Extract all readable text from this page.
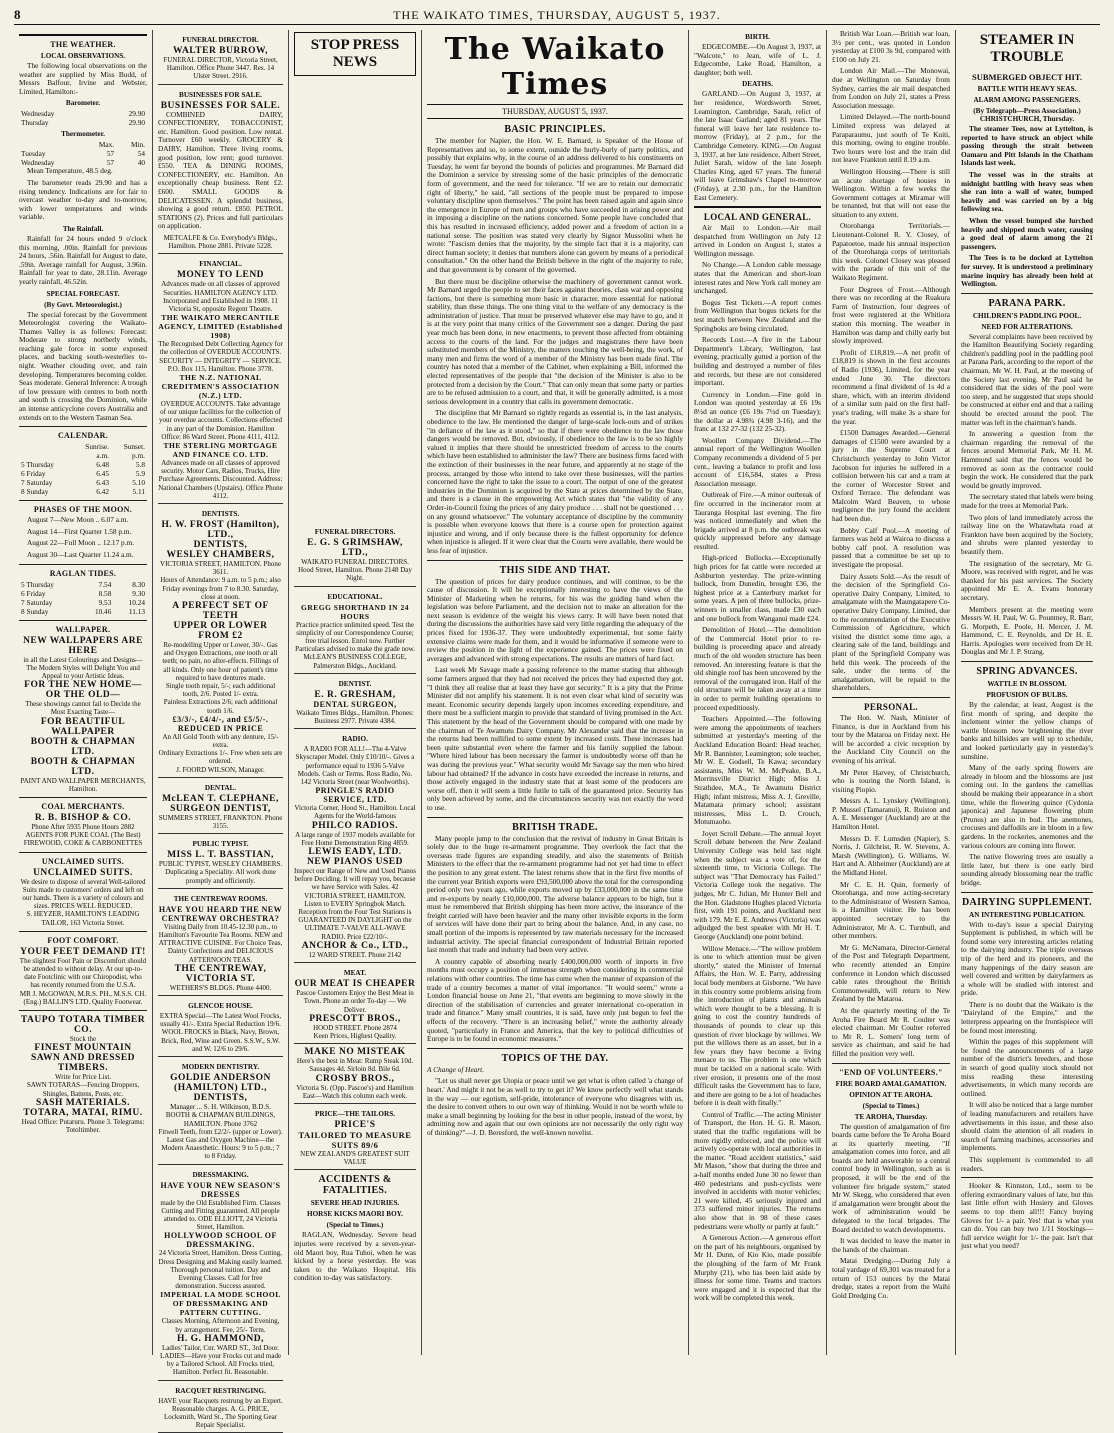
8	THE WAIKATO TIMES, THURSDAY, AUGUST 5, 1937.
THE WEATHER.
LOCAL OBSERVATIONS.

The following local observations on the weather are supplied by Miss Budd, of Messrs Balfour, Irvine and Webster, Limited, Hamilton:-

Barometer.
Wednesday	29.90
Thursday	29.90
Thermometer.
	Max.	Min.
Tuesday	57	54
Wednesday	57	40

Mean Temperature, 48.5 deg.

The barometer reads 29.90 and has a rising tendency. Indications are for fair to overcast weather to-day and to-morrow, with lower temperatures and winds variable.

The Rainfall.

Rainfall for 24 hours ended 9 o'clock this morning, .00in. Rainfall for previous 24 hours, .56in. Rainfall for August to date, .59in. Average rainfall for August, 3.96in. Rainfall for year to date, 28.11in. Average yearly rainfall, 46.52in.

SPECIAL FORECAST.
(By Govt. Meteorologist.)

The special forecast by the Government Meteorologist covering the Waikato-Thames Valley is as follows: Forecast: Moderate to strong northerly winds, reaching gale force in some exposed places, and backing south-westerlies to-night. Weather clouding over, and rain developing. Temperatures becoming colder. Seas moderate. General Inference: A trough of low pressure with centres to both north and south is crossing the Dominion, while an intense anticyclone covers Australia and extends on to the Western Tasman Sea.

CALENDAR.
	Sunrise.	Sunset.
	a.m.	p.m.
5 Thursday	6.48	5.8
6 Friday	6.45	5.9
7 Saturday	6.43	5.10
8 Sunday	6.42	5.11
PHASES OF THE MOON.

August 7—New Moon .. 6.07 a.m.

August 14—First Quarter 1.58 p.m.

August 22—Full Moon .. 12.17 p.m.

August 30—Last Quarter 11.24 a.m.

RAGLAN TIDES.
5 Thursday	7.54	8.30
6 Friday	8.58	9.30
7 Saturday	9.53	10.24
8 Sunday	10.46	11.13
WALLPAPER.
NEW WALLPAPERS ARE HERE
in all the Latest Colourings and Designs—The Modern Styles will Delight You and Appeal to your Artistic Ideas.
FOR THE NEW HOME— OR THE OLD—
These showings cannot fail to Decide the Most Exacting Taste—
FOR BEAUTIFUL WALLPAPER
BOOTH & CHAPMAN LTD.
BOOTH & CHAPMAN LTD.
PAINT AND WALLPAPER MERCHANTS, Hamilton.
COAL MERCHANTS.
R. B. BISHOP & CO.
Phone After 5935 Phone Hours 2882 AGENTS FOR PUKE COAL (The Best) FIREWOOD, COKE & CARBONETTES
UNCLAIMED SUITS.
UNCLAIMED SUITS.
We desire to dispose of several Well-tailored Suits made to customers' orders and left on our hands. There is a variety of colours and sizes. PRICES WELL REDUCED.
S. HEYZER, HAMILTON'S LEADING TAILOR, 163 Victoria Street.
FOOT COMFORT.
YOUR FEET DEMAND IT!
The slightest Foot Pain or Discomfort should be attended to without delay. At our up-to-date Footclinic with our Chiropodist, who has recently returned from the U.S.A.
MR J. McGOWAN, M.R.S. PH., M.S.S. CH. (Eng.) BALLIN'S LTD. Quality Footwear.
TAUPO TOTARA TIMBER CO.
Stock the
FINEST MOUNTAIN SAWN AND DRESSED TIMBERS.
Write for Price List.
SAWN TOTARAS—Fencing Droppers, Shingles, Battens, Posts, etc.
SASH MATERIALS. TOTARA, MATAI, RIMU.
Head Office: Putaruru. Phone 3. Telegrams: Totoltimber.
FUNERAL DIRECTOR.
WALTER BURROW,
FUNERAL DIRECTOR, Victoria Street, Hamilton. Office Phone 3447. Res. 14 Ulster Street. 2916.
BUSINESSES FOR SALE.
BUSINESSES FOR SALE.

COMBINED DAIRY, CONFECTIONERY, TOBACCONIST, etc. Hamilton. Good position. Low rental. Turnover £60 weekly. GROCERY & DAIRY, Hamilton. Three living rooms, good position, low rent; good turnover. £550. TEA & DINING ROOMS, CONFECTIONERY, etc. Hamilton. An exceptionally cheap business. Rent £2. £600. SMALL GOODS & DELICATESSEN. A splendid business, showing a good return. £850. PETROL STATIONS (2). Prices and full particulars on application.

METCALFE & Co. Everybody's Bldgs., Hamilton. Phone 2881. Private 5228.
FINANCIAL.
MONEY TO LEND
Advances made on all classes of approved Securities. HAMILTON AGENCY LTD. Incorporated and Established in 1908. 11 Victoria St, opposite Regent Theatre.
THE WAIKATO MERCANTILE AGENCY, LIMITED (Established 1908)
The Recognised Debt Collecting Agency for the collection of OVERDUE ACCOUNTS. SECURITY — INTEGRITY — SERVICE. P.O. Box 115, Hamilton. Phone 3778.
THE N.Z. NATIONAL CREDITMEN'S ASSOCIATION (N.Z.) LTD.
OVERDUE ACCOUNTS. Take advantage of our unique facilities for the collection of your overdue accounts. Collections effected in any part of the Dominion. Hamilton Office: 86 Ward Street. Phone 4111, 4112.
THE STERLING MORTGAGE AND FINANCE CO. LTD.
Advances made on all classes of approved security. Motor Cars, Radios, Trucks, Hire Purchase Agreements. Discounted. Address: National Chambers (Upstairs). Office Phone 4112.
DENTISTS.
H. W. FROST (Hamilton), LTD.,
DENTISTS,
WESLEY CHAMBERS,
VICTORIA STREET, HAMILTON. Phone 3611.
Hours of Attendance: 9 a.m. to 5 p.m.; also Friday evenings from 7 to 8.30. Saturday, close at noon.
A PERFECT SET OF TEETH
UPPER OR LOWER FROM £2
Re-modelling Upper or Lower, 30/-. Gas and Oxygen Extractions, one tooth or all teeth; no pain, no after-effects. Fillings of all kinds. Only one hour of patient's time required to have dentures made.
Single tooth repair, 5/-; each additional tooth, 2/6. Posted 1/- extra.
Painless Extractions 2/6; each additional tooth 1/6.
£3/3/-, £4/4/-, and £5/5/-. REDUCED IN PRICE
An All Gold Tooth with any denture, 15/- extra.
Ordinary Extractions 1/-. Free when sets are ordered.
J. FOORD WILSON, Manager.
DENTAL.
McLEAN T. CLEPHANE,
SURGEON DENTIST,
SUMMERS STREET, FRANKTON. Phone 3155.
PUBLIC TYPIST.
MISS L. T. BASSTIAN,
PUBLIC TYPIST, WESLEY CHAMBERS. Duplicating a Speciality. All work done promptly and efficiently.
THE CENTREWAY ROOMS.
HAVE YOU HEARD THE NEW CENTREWAY ORCHESTRA?
Visiting Daily from 10.45-12.30 p.m., to Hamilton's Favourite Tea Rooms. NEW and ATTRACTIVE CUISINE. For Choice Teas, Dainty Confections and DELICIOUS AFTERNOON TEAS.
THE CENTREWAY, VICTORIA ST.
WETHERS'S BLDGS. Phone 4400.
GLENCOE HOUSE.
EXTRA Special—The Latest Wool Frocks, usually 41/-. Extra Special Reduction 19/6. WOOL FROCKS in Black, Navy, Brown, Brick, Red, Wine and Green. S.S.W., S.W. and W. 12/6 to 29/6.
MODERN DENTISTRY.
GOLDIE ANDERSON (HAMILTON) LTD.,
DENTISTS,
Manager ... S. H. Wilkinson, B.D.S.
BOOTH & CHAPMAN BUILDINGS, HAMILTON. Phone 3762
Fitwell Teeth, from £2/2/- (upper or Lower). Latest Gas and Oxygen Machine—the Modern Anaesthetic. Hours: 9 to 5 p.m.; 7 to 8 Friday.
DRESSMAKING.
HAVE YOUR NEW SEASON'S DRESSES
made by the Old Established Firm. Classes Cutting and Fitting guaranteed. All people attended to. ODE ELLIOTT, 24 Victoria Street, Hamilton.
HOLLYWOOD SCHOOL OF DRESSMAKING.
24 Victoria Street, Hamilton. Dress Cutting, Dress Designing and Making easily learned. Thorough personal tuition. Day and Evening Classes. Call for free demonstration. Success assured.
IMPERIAL LA MODE SCHOOL OF DRESSMAKING AND PATTERN CUTTING.
Classes Morning, Afternoon and Evening, by arrangement. Fee, 25/- Term.
H. G. HAMMOND,
Ladies' Tailor, Cnr. WARD ST., 3rd Door.
LADIES—Have your Frocks cut and made by a Tailored School. All Frocks tried, Hamilton. Perfect fit. Reasonable.
RACQUET RESTRINGING.
HAVE your Racquets restrung by an Expert. Reasonable charges. A. G. PRICE, Locksmith, Ward St., The Sporting Gear Repair Specialist.
STOP PRESS NEWS
FUNERAL DIRECTORS.
E. G. S GRIMSHAW, LTD.,
WAIKATO FUNERAL DIRECTORS. Hood Street, Hamilton. Phone 2148 Day Night.
EDUCATIONAL.
GREGG SHORTHAND IN 24 HOURS
Practice practice unlimited speed. Test the simplicity of our Correspondence Course; free trial lesson. Enrol now. Further Particulars advised to make the grade now. McLEAN'S BUSINESS COLLEGE, Palmerston Bldgs., Auckland.
DENTIST.
E. R. GRESHAM,
DENTAL SURGEON,
Waikato Times Bldgs., Hamilton. Phones: Business 2977. Private 4384.
RADIO.
A RADIO FOR ALL!—The 4-Valve Skyscraper Model. Only £10/10/-. Gives a performance equal to 1936 5-Valve Models. Cash or Terms. Ross Radio, No. 142 Victoria Street (near Woolworths).
PRINGLE'S RADIO SERVICE, LTD.
Victoria Corner, Hood St., Hamilton. Local Agents for the World-famous
PHILCO RADIOS.
A large range of 1937 models available for Free Home Demonstration Ring 4859.
LEWIS EADY, LTD.
NEW PIANOS USED
Inspect our Range of New and Used Pianos before Deciding. It will repay you, because we have Service with Sales. 42 VICTORIA STREET, HAMILTON.
Listen to EVERY Springbok Match.
Reception from the Four Test Stations is GUARANTEED IN DAYLIGHT on the ULTIMATE 7-VALVE ALL-WAVE RADIO. Price £22/10/-.
ANCHOR & Co., LTD.,
12 WARD STREET. Phone 2142
MEAT.
OUR MEAT IS CHEAPER
Pascoe Customers Enjoy the Best Meat in Town. Phone an order To-day — We Deliver.
PRESCOTT BROS.,
HOOD STREET. Phone 2874
Keen Prices, Highest Quality.
MAKE NO MISTEAK
Here's the best in Meat: Rump Steak 10d. Sausages 4d. Sirloin 8d. Bile 6d.
CROSBY BROS.,
Victoria St. (Opp. Pascoe's) and Hamilton East—Watch this column each week.
PRICE—THE TAILORS.
PRICE'S
TAILORED TO MEASURE SUITS 89/6
NEW ZEALAND'S GREATEST SUIT VALUE
ACCIDENTS & FATALITIES.
SEVERE HEAD INJURIES.
HORSE KICKS MAORI BOY.
(Special to Times.)

RAGLAN, Wednesday. Severe head injuries were received by a seven-year-old Maori boy, Rua Tuhoi, when he was kicked by a horse yesterday. He was taken to the Waikato Hospital. His condition to-day was satisfactory.

The Waikato Times
THURSDAY, AUGUST 5, 1937.
BASIC PRINCIPLES.

The member for Napier, the Hon. W. E. Barnard, is Speaker of the House of Representatives and so, to some extent, outside the hurly-burly of party politics, and possibly that explains why, in the course of an address delivered to his constituents on Tuesday, he went far beyond the bounds of policies and programmes. Mr Barnard did the Dominion a service by stressing some of the basic principles of the democratic form of government, and the need for tolerance. "If we are to retain our democratic right of liberty," he said, "all sections of the people must be prepared to impose voluntary discipline upon themselves." The point has been raised again and again since the emergence in Europe of men and groups who have succeeded in arising power and in imposing a discipline on the nations concerned. Some people have concluded that this has resulted in increased efficiency, added power and a freedom of action in a national sense. The position was stated very clearly by Signor Mussolini when he wrote: "Fascism denies that the majority, by the simple fact that it is a majority, can direct human society; it denies that numbers alone can govern by means of a periodical consultation." On the other hand the British believe in the right of the majority to rule, and that government is by consent of the governed.

But there must be discipline otherwise the machinery of government cannot work. Mr Barnard urged the people to set their faces against theories, class war and opposing factions, but there is something more basic in character, more essential for national stability, than these things. The one thing vital to the welfare of any democracy is the administration of justice. That must be preserved whatever else may have to go, and it is at the very point that many critics of the Government see a danger. During the past year much has been done, in new enactments, to prevent those affected from obtaining access to the courts of the land. For the judges and magistrates there have been substituted members of the Ministry, the matters touching the well-being, the work, of many men and firms the word of a member of the Ministry has been made final. The country has noted that a member of the Cabinet, when explaining a Bill, informed the elected representatives of the people that "the decision of the Minister is also to be protected from a decision by the Court." That can only mean that some party or parties are to be refused admission to a court, and that, it will be generally admitted, is a most serious development in a country that calls its government democratic.

The discipline that Mr Barnard so rightly regards as essential is, in the last analysis, obedience to the law. He mentioned the danger of large-scale lock-outs and of strikes "in defiance of the law as it stood," so that if there were obedience to the law those dangers would be removed. But, obviously, if obedience to the law is to be so highly valued it implies that there should be unrestricted freedom of access to the courts which have been established to administer the law? There are business firms faced with the extinction of their businesses in the near future, and apparently at no stage of the process, arranged by those who intend to take over these businesses, will the parties concerned have the right to take the issue to a court. The output of one of the greatest industries in the Dominion is acquired by the State at prices determined by the State, and there is a clause in the empowering Act which states that "the validity of any Order-in-Council fixing the prices of any dairy produce . . . shall not be questioned . . . on any ground whatsoever." The voluntary acceptance of discipline by the community is possible when everyone knows that there is a course open for protection against injustice and wrong, and if only because there is the fullest opportunity for defence when injustice is alleged. If it were clear that the Courts were available, there would be less fear of injustice.

THIS SIDE AND THAT.

The question of prices for dairy produce continues, and will continue, to be the cause of discussion. It will be exceptionally interesting to have the views of the Minister of Marketing when he returns, for his was the guiding hand when the legislation was before Parliament, and the decision not to make an alteration for the next season is evidence of the weight his views carry. It will have been noted that during the discussions the authorities have said very little regarding the adequacy of the prices fixed for 1936-37. They were undoubtedly experimental, but some fairly extensive claims were made for them, and it would be informative if someone were to review the position in the light of the experience gained. The prices were fixed on averages and advanced with strong expectations. The results are matters of hard fact.

Last week Mr Savage made a passing reference to the matter stating that although some farmers argued that they had not received the prices they had expected they got, "I think they all realise that at least they have got security." It is a pity that the Prime Minister did not amplify his statement. It is not even clear what kind of security was meant. Economic security depends largely upon incomes exceeding expenditure, and there must be a sufficient margin to provide that standard of living promised in the Act. This statement by the head of the Government should be compared with one made by the chairman of Te Awamutu Dairy Company. Mr Alexander said that the increase in the returns had been nullified to some extent by increased costs. These increases had been quite substantial even where the farmer and his family supplied the labour. "Where hired labour has been necessary the farmer is undoubtedly worse off than he was during the previous year." What security would Mr Savage say the men who hired labour had obtained? If the advance in costs have exceeded the increase in returns, and those actively engaged in the industry state that at least some of the producers are worse off, then it will seem a little futile to talk of the guaranteed price. Security has only been achieved by some, and the circumstances security was not exactly the word to use.

BRITISH TRADE.

Many people jump to the conclusion that the revival of industry in Great Britain is solely due to the huge re-armament programme. They overlook the fact that the overseas trade figures are expanding steadily, and also the statements of British Ministers to the effect that the re-armament programme had not yet had time to effect the position to any great extent. The latest returns show that in the first five months of the current year British exports were £93,500,000 above the total for the corresponding period only two years ago, while exports moved up by £33,000,000 in the same time and re-exports by nearly £10,000,000. The adverse balance appears to be high, but it must be remembered that British shipping has been more active, the insurance of the freight carried will have been heavier and the many other invisible exports in the form of services will have done their part to bring about the balance. And, in any case, no small portion of the imports is represented by raw materials necessary for the increased industrial activity. The special financial correspondent of Industrial Britain reported last month that trade and industry had been very active.

A country capable of absorbing nearly £400,000,000 worth of imports in five months must occupy a position of immense strength when considering its commercial relations with other countries. The time has come when the manner of expansion of the trade of a country becomes a matter of vital importance. "It would seem," wrote a London financial house on June 21, "that events are beginning to move slowly in the direction of the stabilisation of currencies and greater international co-operation in trade and finance." Many small countries, it is said, have only just begun to feel the effects of the recovery. "There is an increasing belief," wrote the authority already quoted, "particularly in France and America, that the key to political difficulties of Europe is to be found in economic measures."

TOPICS OF THE DAY.

A Change of Heart.

"Let us shall never get Utopia or peace until we get what is often called 'a change of heart.' And might it not be as well to try to get it? We know perfectly well what stands in the way — our egotism, self-pride, intolerance of everyone who disagrees with us, the desire to convert others to our own way of thinking. Would it not be worth while to make a small beginning by looking for the best in other people, instead of the worst, by admitting now and again that our own opinions are not necessarily the only right way of thinking?"—J. D. Beresford, the well-known novelist.

BIRTH.

EDGECOMBE.—On August 3, 1937, at "Walcote," to Jean, wife of L. J. Edgecombe, Lake Road, Hamilton, a daughter; both well.

DEATHS.

GARLAND.—On August 3, 1937, at her residence, Wordsworth Street, Leamington, Cambridge, Sarah, relict of the late Isaac Garland; aged 81 years. The funeral will leave her late residence to-morrow (Friday), at 2 p.m., for the Cambridge Cemetery. KING.—On August 3, 1937, at her late residence, Albert Street, Juliet Sarah, widow of the late Joseph Charles King, aged 67 years. The funeral will leave Grimshaw's Chapel to-morrow (Friday), at 2.30 p.m., for the Hamilton East Cemetery.

LOCAL AND GENERAL.

Air Mail to London.—Air mail despatched from Wellington on July 12 arrived in London on August 1, states a Wellington message.

No Change.—A London cable message states that the American and short-loan interest rates and New York call money are unchanged.

Bogus Test Tickets.—A report comes from Wellington that bogus tickets for the test match between New Zealand and the Springboks are being circulated.

Records Lost.—A fire in the Labour Department's Library, Wellington, last evening, practically gutted a portion of the building and destroyed a number of files and records, but these are not considered important.

Currency in London.—Fine gold in London was quoted yesterday at £6 19s 8½d an ounce (£6 19s 7½d on Tuesday); the dollar at 4.98¾ (4.98 3-16), and the franc at 132 27-32 (132 25-32).

Woollen Company Dividend.—The annual report of the Wellington Woollen Company recommends a dividend of 5 per cent., leaving a balance to profit and loss account of £16,584, states a Press Association message.

Outbreak of Fire.—A minor outbreak of fire occurred in the incinerator room at Tauranga Hospital last evening. The fire was noticed immediately and when the brigade arrived at 8 p.m. the outbreak was quickly suppressed before any damage resulted.

High-priced Bullocks.—Exceptionally high prices for fat cattle were recorded at Ashburton yesterday. The prize-winning bullock, from Dunedin, brought £36, the highest price at a Canterbury market for some years. A pen of three bullocks, prize-winners in smaller class, made £30 each and one bullock from Wanganui made £24.

Demolition of Hotel.—The demolition of the Commercial Hotel prior to re-building is proceeding apace and already much of the old wooden structure has been removed. An interesting feature is that the old shingle roof has been uncovered by the removal of the corrugated iron. Half of the old structure will be taken away at a time in order to permit building operations to proceed expeditiously.

Teachers Appointed.—The following were among the appointments of teachers submitted at yesterday's meeting of the Auckland Education Board: Head teacher, Mr R. Bannister, Leamington; sole teacher, Mr W. E. Godsell, Te Kawa; secondary assistants, Miss W. M. McPeake, B.A., Morrinsville District High; Miss J. Strathdee, M.A., Te Awamutu District High; infant mistress, Miss A. J. Greville, Matamata primary school; assistant mistresses, Miss L. D. Crouch, Motumaoho.

Joyet Scroll Debate.—The annual Joyet Scroll debate between the New Zealand University College was held last night when the subject was a vote of, for the sixteenth time, to Victoria College. The subject was "That Democracy has Failed." Victoria College took the negative. The judges, Mr C. Julian, Mr Hunter Bell and the Hon. Gladstone Hughes placed Victoria first, with 191 points, and Auckland next with 179. Mr E. E. Andrews (Victoria) was adjudged the best speaker with Mr H. T. George (Auckland) one point behind.

Willow Menace.—"The willow problem is one to which attention must be given shortly," stated the Minister of Internal Affairs, the Hon. W. E. Parry, addressing local body members at Gisborne. "We have in this country some problems arising from the introduction of plants and animals which were thought to be a blessing. It is going to cost the country hundreds of thousands of pounds to clear up this question of river blockage by willows. We put the willows there as an asset, but in a few years they have become a living menace to us. The problem is one which must be tackled on a national scale. With river erosion, it presents one of the most difficult tasks the Government has to face, and there are going to be a lot of headaches before it is dealt with finally."

Control of Traffic.—The acting Minister of Transport, the Hon. H. G. R. Mason, stated that the traffic regulations will be more rigidly enforced, and the police will actively co-operate with local authorities in the matter. "Road accident statistics," said Mr Mason, "show that during the three and a-half months ended June 30 no fewer than 460 pedestrians and push-cyclists were involved in accidents with motor vehicles; 21 were killed, 45 seriously injured and 373 suffered minor injuries. The returns also show that in 98 of these cases pedestrians were wholly or partly at fault."

A Generous Action.—A generous effort on the part of his neighbours, organised by Mr H. Dunn, of Kio Kio, made possible the ploughing of the farm of Mr Frank Murphy (21), who has been laid aside by illness for some time. Teams and tractors were engaged and it is expected that the work will be completed this week.

British War Loan.—British war loan, 3½ per cent., was quoted in London yesterday at £100 3s 9d, compared with £100 on July 21.

London Air Mail.—The Monowai, due at Wellington on Saturday from Sydney, carries the air mail despatched from London on July 21, states a Press Association message.

Limited Delayed.—The north-bound Limited express was delayed at Paraparaumu, just south of Te Kuiti, this morning, owing to engine trouble. Two hours were lost and the train did not leave Frankton until 8.19 a.m.

Wellington Housing.—There is still an acute shortage of houses in Wellington. Within a few weeks the Government cottages at Miramar will be tenanted, but that will not ease the situation to any extent.

Otorohanga Territorials.—Lieutenant-Colonel R. Y. Closey, of Papatoetoe, made his annual inspection of the Otorohanga corps of territorials this week. Colonel Closey was pleased with the parade of this unit of the Waikato Regiment.

Four Degrees of Frost.—Although there was no recording at the Ruakura Farm of Instruction, four degrees of frost were registered at the Whitiora station this morning. The weather in Hamilton was damp and chilly early but slowly improved.

Profit of £18,819.—A net profit of £18,819 is shown in the first accounts of Radio (1936), Limited, for the year ended June 30. The directors recommend a final dividend of 1s 4d a share, which, with an interim dividend of a similar sum paid on the first half-year's trading, will make 3s a share for the year.

£1500 Damages Awarded.—General damages of £1500 were awarded by a jury in the Supreme Court at Christchurch yesterday to John Victor Jacobson for injuries he suffered in a collision between his car and a tram at the corner of Worcester Street and Oxford Terrace. The defendant was Malcolm Ward Beaven, to whose negligence the jury found the accident had been due.

Bobby Calf Pool.—A meeting of farmers was held at Wairoa to discuss a bobby calf pool. A resolution was passed that a committee be set up to investigate the proposal.

Dairy Assets Sold.—As the result of the decision of the Springfield Co-operative Dairy Company, Limited, to amalgamate with the Maungatapere Co-operative Dairy Company, Limited, due to the recommendation of the Executive Commission of Agriculture, which visited the district some time ago, a clearing sale of the land, buildings and plant of the Springfield Company was held this week. The proceeds of the sale, under the terms of the amalgamation, will be repaid to the shareholders.

PERSONAL.

The Hon. W. Nash, Minister of Finance, is due in Auckland from his tour by the Mataroa on Friday next. He will be accorded a civic reception by the Auckland City Council on the evening of his arrival.

Mr Peter Harvey, of Christchurch, who is touring the North Island, is visiting Piopio.

Messrs A. L. Lynskey (Wellington), P. Mussel (Tamaranui), R. Ruiston and A. E. Messenger (Auckland) are at the Hamilton Hotel.

Messrs D. F. Lumsden (Napier), S. Norris, J. Gilchrist, R. W. Stevens, A. Marsh (Wellington), G. Williams, W. Hart and A. Altheimer (Auckland) are at the Midland Hotel.

Mr C. E. H. Quin, formerly of Otorohanga, and now acting-secretary to the Administrator of Western Samoa, is a Hamilton visitor. He has been appointed secretary to the Administrator, Mr A. C. Turnbull, and other members.

Mr G. McNamara, Director-General of the Post and Telegraph Department, who recently attended an Empire conference in London which discussed cable rates throughout the British Commonwealth, will return to New Zealand by the Mataroa.

At the quarterly meeting of the Te Aroha Fire Board Mr R. Coulter was elected chairman. Mr Coulter referred to Mr R. L. Somers' long term of service as chairman, and said he had filled the position very well.

"END OF VOLUNTEERS."
FIRE BOARD AMALGAMATION.
OPINION AT TE AROHA.
(Special to Times.)
TE AROHA, Thursday.

The question of amalgamation of fire boards came before the Te Aroha Board at its quarterly meeting. "If amalgamation comes into force, and all boards are held answerable to a central control body in Wellington, such as is proposed, it will be the end of the volunteer fire brigade system," stated Mr W. Skegg, who considered that even if amalgamation were brought about the work of administration would be delegated to the local brigades. The Board decided to watch developments.

It was decided to leave the matter in the hands of the chairman.

Matai Dredging.—During July a total yardage of 69,301 was treated for a return of 153 ounces by the Matai dredge, states a report from the Waihi Gold Dredging Co.

STEAMER IN TROUBLE
SUBMERGED OBJECT HIT.
BATTLE WITH HEAVY SEAS.
ALARM AMONG PASSENGERS.
(By Telegraph—Press Association.) CHRISTCHURCH, Thursday.

The steamer Tees, now at Lyttelton, is reported to have struck an object while passing through the strait between Oamaru and Pitt Islands in the Chatham Islands last week.

The vessel was in the straits at midnight battling with heavy seas when she ran into a wall of water, bumped heavily and was carried on by a big following sea.

When the vessel bumped she lurched heavily and shipped much water, causing a good deal of alarm among the 21 passengers.

The Tees is to be docked at Lyttelton for survey. It is understood a preliminary marine inquiry has already been held at Wellington.

PARANA PARK.
CHILDREN'S PADDLING POOL.
NEED FOR ALTERATIONS.

Several complaints have been received by the Hamilton Beautifying Society regarding children's paddling pool in the paddling pool at Parana Park, according to the report of the chairman, Mr W. H. Paul, at the meeting of the Society last evening. Mr Paul said he considered that the sides of the pool were too steep, and he suggested that steps should be constructed at either end and that a railing should be erected around the pool. The matter was left in the chairman's hands.

In answering a question from the chairman regarding the removal of the fences around Memorial Park, Mr H. M. Hammond said that the fences would be removed as soon as the contractor could begin the work. He considered that the park would be greatly improved.

The secretary stated that labels were being made for the trees at Memorial Park.

Two plots of land immediately across the railway line on the Whatawhata road at Frankton have been acquired by the Society, and shrubs were planted yesterday to beautify them.

The resignation of the secretary, Mr G. Moore, was received with regret, and he was thanked for his past services. The Society appointed Mr E. A. Evans honorary secretary.

Members present at the meeting were Messrs W. H. Paul, W. G. Pountney, R. Barr, G. Morpeth, E. Poole, H. Mercer, J. M. Hammond, C. E. Reynolds, and Dr H. E. Harris. Apologies were received from Dr H. Douglas and Mr J. P. Strang.

SPRING ADVANCES.
WATTLE IN BLOSSOM.
PROFUSION OF BULBS.

By the calendar, at least, August is the first month of spring, and despite the inclement winter the yellow clumps of wattle blossom now brightening the river banks and hillsides are well up to schedule, and looked particularly gay in yesterday's sunshine.

Many of the early spring flowers are already in bloom and the blossoms are just coming out. In the gardens the camellias should be making their appearance in a short time, while the flowering quince (Cydonia japonica) and Japanese flowering plum (Prunus) are also in bud. The anemones, crocuses and daffodils are in bloom in a few gardens. In the rockeries, anemones and the various colours are coming into flower.

The native flowering trees are usually a little later, but there is one early bird sounding already blossoming near the traffic bridge.

DAIRYING SUPPLEMENT.
AN INTERESTING PUBLICATION.

With to-day's issue a special Dairying Supplement is published, in which will be found some very interesting articles relating to the dairying industry. The triple overseas trip of the herd and its pioneers, and the many happenings of the dairy season are well covered and written by dairyfarmers as a whole will be studied with interest and pride.

There is no doubt that the Waikato is the "Dairyland of the Empire," and the letterpress appearing on the frontispiece will be found most interesting.

Within the pages of this supplement will be found the announcements of a large number of the district's breeders, and those in search of good quality stock should not miss reading these interesting advertisements, in which many records are outlined.

It will also be noticed that a large number of leading manufacturers and retailers have advertisements in this issue, and these also should claim the attention of all readers in search of farming machines, accessories and implements.

This supplement is commended to all readers.

Hooker & Kinnston, Ltd., seem to be offering extraordinary values of late, but this last little effort with Hosiery and Gloves seems to top them all!!! Fancy buying Gloves for 1/- a pair. Yes! that is what you can do. You can buy two 1/11 Stockings—full service weight for 1/- the pair. Isn't that just what you need?
